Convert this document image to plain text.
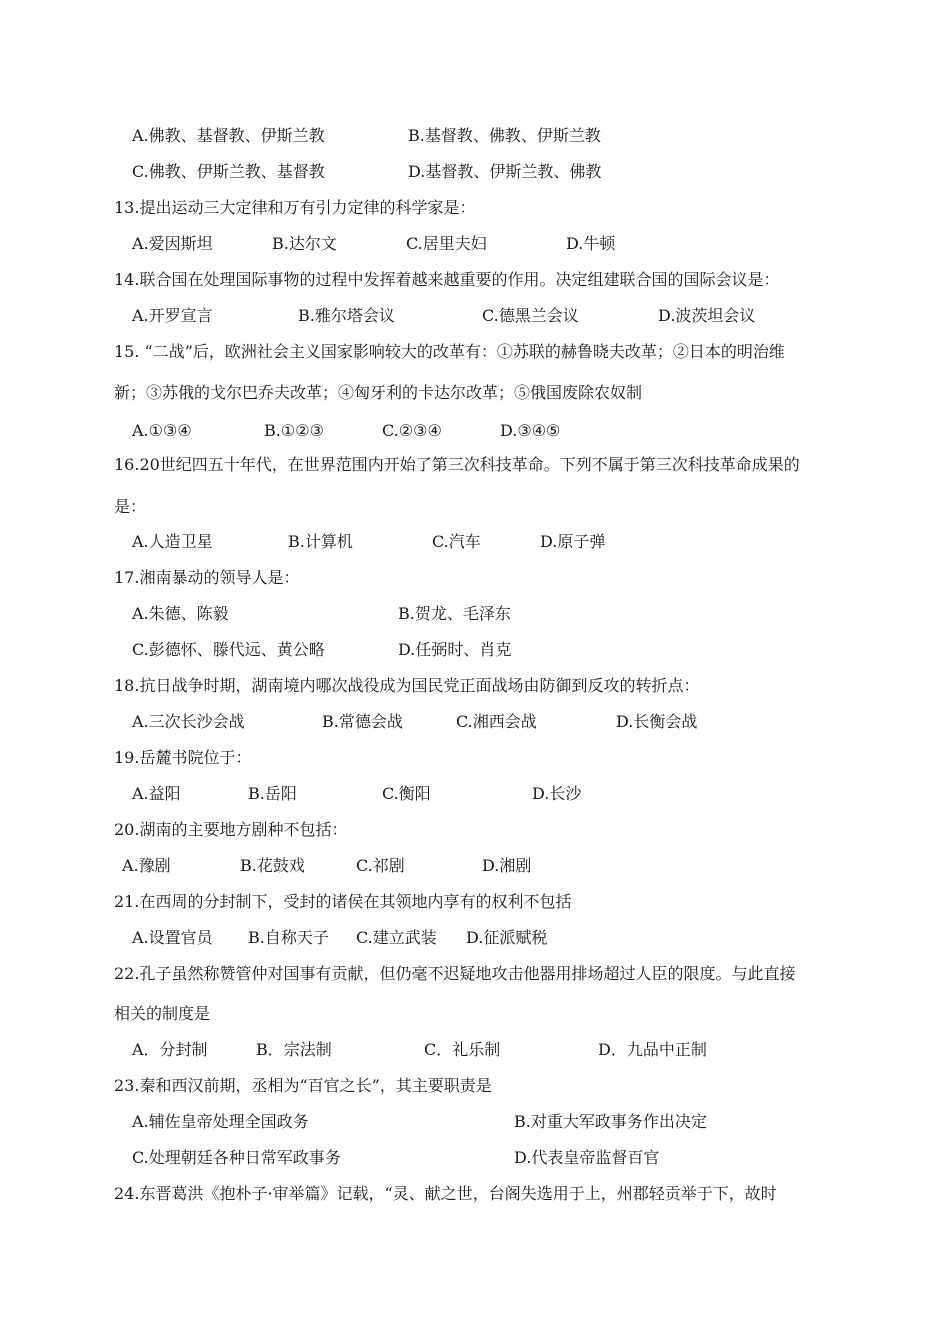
A.佛教、基督教、伊斯兰教	B.基督教、佛教、伊斯兰教
C.佛教、伊斯兰教、基督教	D.基督教、伊斯兰教、佛教
13.提出运动三大定律和万有引力定律的科学家是：
A.爱因斯坦	B.达尔文	C.居里夫妇	D.牛顿
14.联合国在处理国际事物的过程中发挥着越来越重要的作用。决定组建联合国的国际会议是：
A.开罗宣言	B.雅尔塔会议	C.德黑兰会议	D.波茨坦会议
15. “二战”后，欧洲社会主义国家影响较大的改革有：①苏联的赫鲁晓夫改革；②日本的明治维
新；③苏俄的戈尔巴乔夫改革；④匈牙利的卡达尔改革；⑤俄国废除农奴制
A.①③④	B.①②③	C.②③④	D.③④⑤
16.20世纪四五十年代，在世界范围内开始了第三次科技革命。下列不属于第三次科技革命成果的
是：
A.人造卫星	B.计算机	C.汽车	D.原子弹
17.湘南暴动的领导人是：
A.朱德、陈毅	B.贺龙、毛泽东
C.彭德怀、滕代远、黄公略	D.任弼时、肖克
18.抗日战争时期，湖南境内哪次战役成为国民党正面战场由防御到反攻的转折点：
A.三次长沙会战	B.常德会战	C.湘西会战	D.长衡会战
19.岳麓书院位于：
A.益阳	B.岳阳	C.衡阳	D.长沙
20.湖南的主要地方剧种不包括：
A.豫剧	B.花鼓戏	C.祁剧	D.湘剧
21.在西周的分封制下，受封的诸侯在其领地内享有的权利不包括
A.设置官员 B.自称天子 C.建立武装 D.征派赋税
22.孔子虽然称赞管仲对国事有贡献，但仍毫不迟疑地攻击他器用排场超过人臣的限度。与此直接
相关的制度是
A．分封制	B．宗法制	C．礼乐制	D．九品中正制
23.秦和西汉前期，丞相为“百官之长”，其主要职责是
A.辅佐皇帝处理全国政务	B.对重大军政事务作出决定
C.处理朝廷各种日常军政事务	D.代表皇帝监督百官
24.东晋葛洪《抱朴子·审举篇》记载，“灵、献之世，台阁失选用于上，州郡轻贡举于下，故时
